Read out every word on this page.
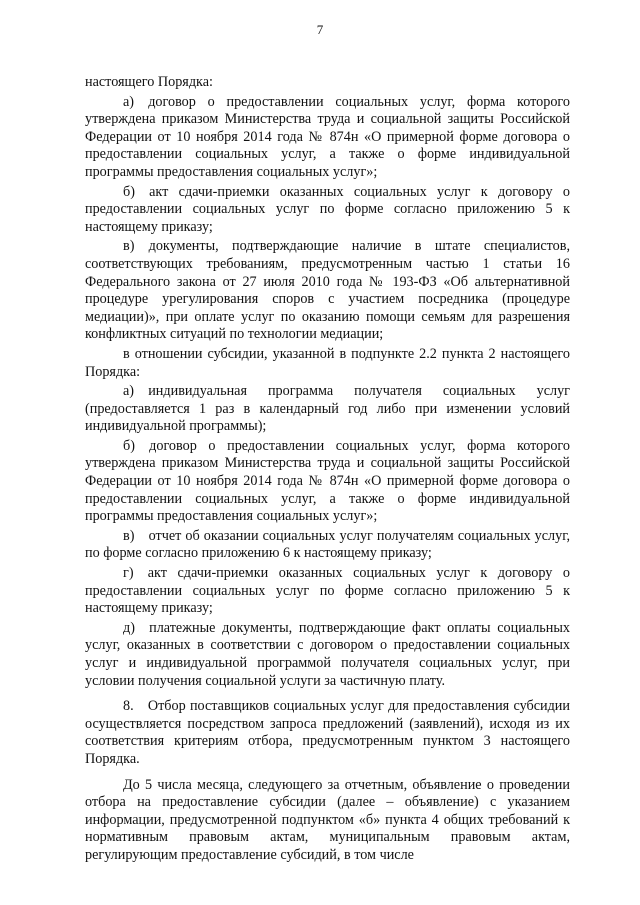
7

настоящего Порядка:

а) договор о предоставлении социальных услуг, форма которого утверждена приказом Министерства труда и социальной защиты Российской Федерации от 10 ноября 2014 года № 874н «О примерной форме договора о предоставлении социальных услуг, а также о форме индивидуальной программы предоставления социальных услуг»;

б) акт сдачи-приемки оказанных социальных услуг к договору о предоставлении социальных услуг по форме согласно приложению 5 к настоящему приказу;

в) документы, подтверждающие наличие в штате специалистов, соответствующих требованиям, предусмотренным частью 1 статьи 16 Федерального закона от 27 июля 2010 года № 193-ФЗ «Об альтернативной процедуре урегулирования споров с участием посредника (процедуре медиации)», при оплате услуг по оказанию помощи семьям для разрешения конфликтных ситуаций по технологии медиации;

в отношении субсидии, указанной в подпункте 2.2 пункта 2 настоящего Порядка:

а) индивидуальная программа получателя социальных услуг (предоставляется 1 раз в календарный год либо при изменении условий индивидуальной программы);

б) договор о предоставлении социальных услуг, форма которого утверждена приказом Министерства труда и социальной защиты Российской Федерации от 10 ноября 2014 года № 874н «О примерной форме договора о предоставлении социальных услуг, а также о форме индивидуальной программы предоставления социальных услуг»;

в) отчет об оказании социальных услуг получателям социальных услуг, по форме согласно приложению 6 к настоящему приказу;

г) акт сдачи-приемки оказанных социальных услуг к договору о предоставлении социальных услуг по форме согласно приложению 5 к настоящему приказу;

д) платежные документы, подтверждающие факт оплаты социальных услуг, оказанных в соответствии с договором о предоставлении социальных услуг и индивидуальной программой получателя социальных услуг, при условии получения социальной услуги за частичную плату.

8. Отбор поставщиков социальных услуг для предоставления субсидии осуществляется посредством запроса предложений (заявлений), исходя из их соответствия критериям отбора, предусмотренным пунктом 3 настоящего Порядка.

До 5 числа месяца, следующего за отчетным, объявление о проведении отбора на предоставление субсидии (далее – объявление) с указанием информации, предусмотренной подпунктом «б» пункта 4 общих требований к нормативным правовым актам, муниципальным правовым актам, регулирующим предоставление субсидий, в том числе
